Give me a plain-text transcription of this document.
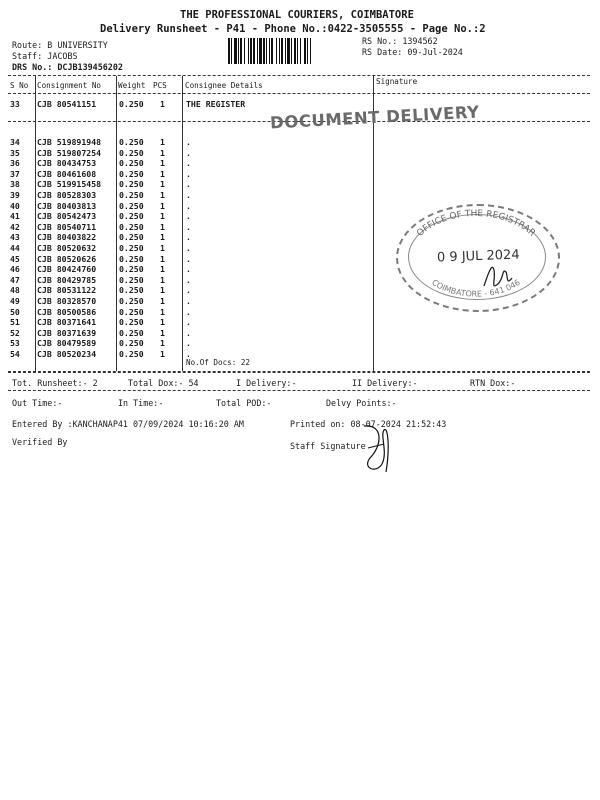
THE PROFESSIONAL COURIERS, COIMBATORE
Delivery Runsheet - P41 - Phone No.:0422-3505555 - Page No.:2
Route: B UNIVERSITY
Staff: JACOBS
DRS No.: DCJB139456202
RS No.: 1394562
RS Date: 09-Jul-2024
S No Consignment No Weight PCS Consignee Details	Signature
33 CJB 80541151	0.250 1	THE REGISTER
34 CJB 519891948 0.250 1	.
35 CJB 519807254 0.250 1	.
36 CJB 80434753	0.250 1	.
37 CJB 80461608	0.250 1	.
38 CJB 519915458 0.250 1	.
39 CJB 80528303	0.250 1	.
40 CJB 80403813	0.250 1	.
41 CJB 80542473	0.250 1	.
42 CJB 80540711	0.250 1	.
43 CJB 80403822	0.250 1	.
44 CJB 80520632	0.250 1	.
45 CJB 80520626	0.250 1	.
46 CJB 80424760	0.250 1	.
47 CJB 80429785	0.250 1	.
48 CJB 80531122	0.250 1	.
49 CJB 80328570	0.250 1	.
50 CJB 80500586	0.250 1	.
51 CJB 80371641	0.250 1	.
52 CJB 80371639	0.250 1	.
53 CJB 80479589	0.250 1	.
54 CJB 80520234	0.250 1	.
No.Of Docs: 22
DOCUMENT DELIVERY
OFFICE OF THE REGISTRAR
COIMBATORE - 641 046
0 9 JUL 2024
Tot. Runsheet:- 2	Total Dox:- 54	I Delivery:-	II Delivery:-	RTN Dox:-
Out Time:-	In Time:-	Total POD:-	Delvy Points:-
Entered By :KANCHANAP41 07/09/2024 10:16:20 AM	Printed on: 08-07-2024 21:52:43
Verified By	Staff Signature
